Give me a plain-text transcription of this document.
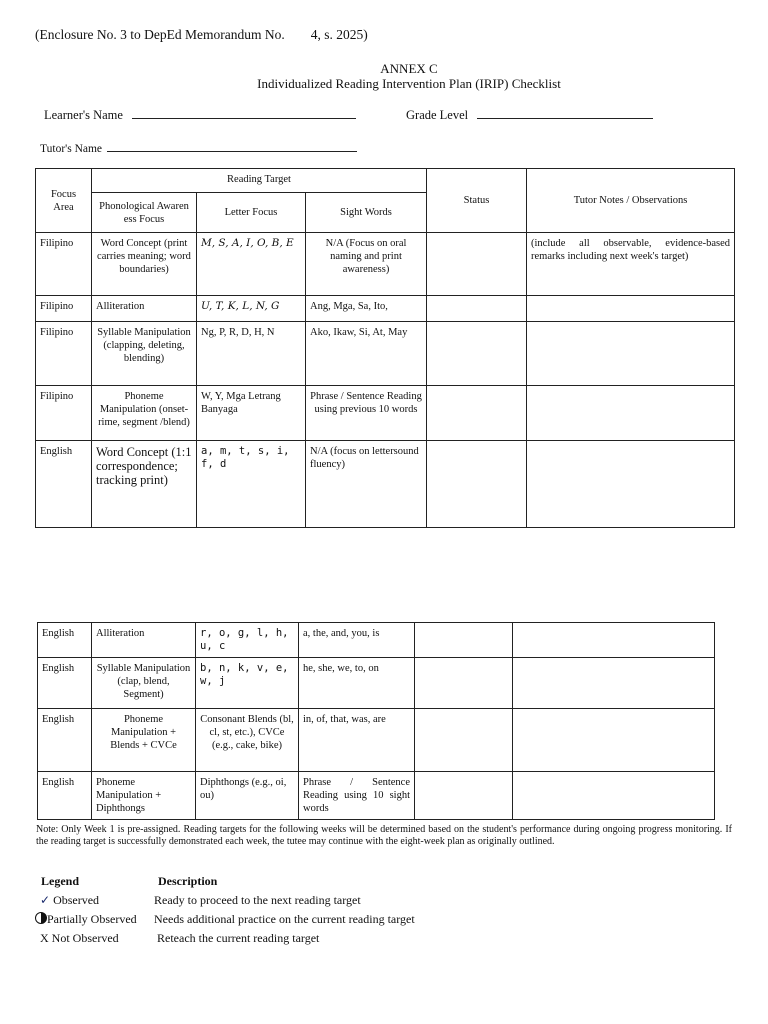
(Enclosure No. 3 to DepEd Memorandum No. 4, s. 2025)
ANNEX C
Individualized Reading Intervention Plan (IRIP) Checklist
Learner's Name	Grade Level
Tutor's Name
Focus Area	Reading Target			Status	Tutor Notes / Observations
	Phonological Awaren ess Focus	Letter Focus	Sight Words		
Filipino	Word Concept (print carries meaning; word boundaries)	M, S, A, I, O, B, E	N/A (Focus on oral naming and print awareness)		(include all observable, evidence-based remarks including next week's target)
Filipino	Alliteration	U, T, K, L, N, G	Ang, Mga, Sa, Ito,		
Filipino	Syllable Manipulation (clapping, deleting, blending)	Ng, P, R, D, H, N	Ako, Ikaw, Si, At, May		
Filipino	Phoneme Manipulation (onset-rime, segment /blend)	W, Y, Mga Letrang Banyaga	Phrase / Sentence Reading using previous 10 words		
English	Word Concept (1:1 correspondence; tracking print)	a, m, t, s, i, f, d	N/A (focus on lettersound fluency)		
English	Alliteration	r, o, g, l, h, u, c	a, the, and, you, is		
English	Syllable Manipulation (clap, blend, Segment)	b, n, k, v, e, w, j	he, she, we, to, on		
English	Phoneme Manipulation + Blends + CVCe	Consonant Blends (bl, cl, st, etc.), CVCe (e.g., cake, bike)	in, of, that, was, are		
English	Phoneme Manipulation + Diphthongs	Diphthongs (e.g., oi, ou)	Phrase / Sentence Reading using 10 sight words		
Note: Only Week 1 is pre-assigned. Reading targets for the following weeks will be determined based on the student's performance during ongoing progress monitoring. If the reading target is successfully demonstrated each week, the tutee may continue with the eight-week plan as originally outlined.
Legend	Description
✓ Observed	Ready to proceed to the next reading target
Partially Observed	Needs additional practice on the current reading target
X Not Observed	Reteach the current reading target
